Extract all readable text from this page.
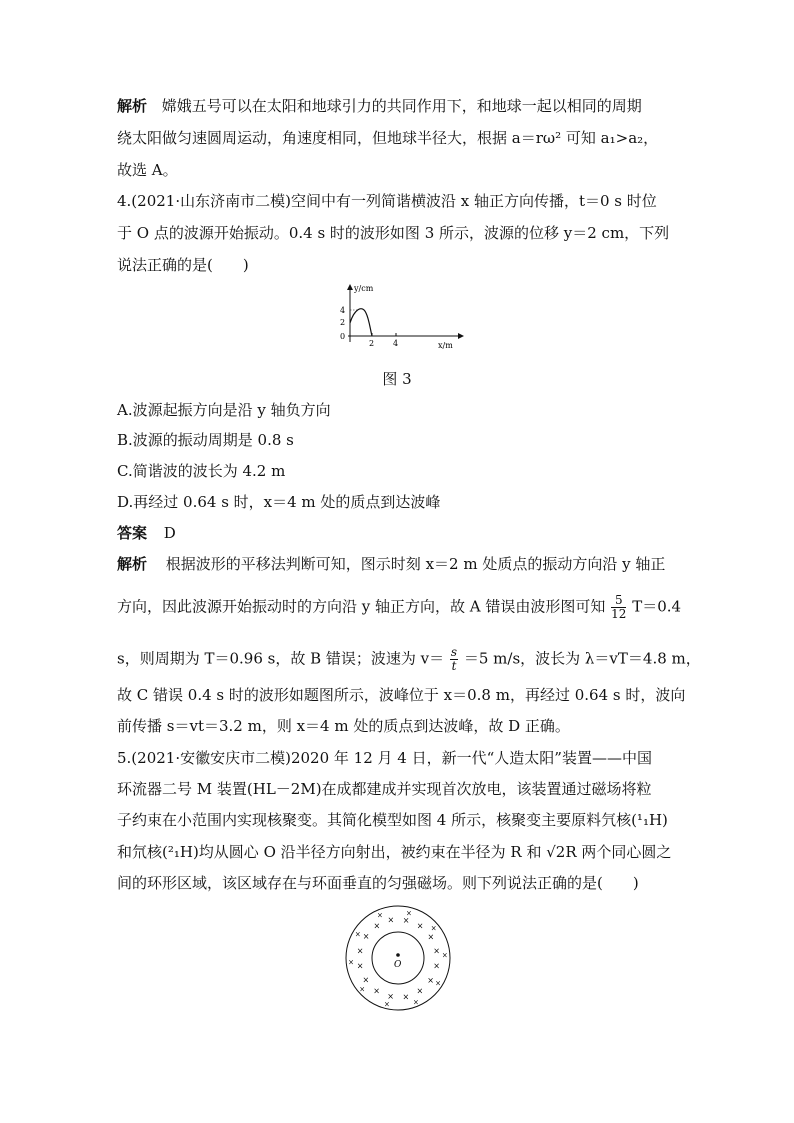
解析 嫦娥五号可以在太阳和地球引力的共同作用下，和地球一起以相同的周期
绕太阳做匀速圆周运动，角速度相同，但地球半径大，根据 a＝rω² 可知 a₁>a₂，
故选 A。
4.(2021·山东济南市二模)空间中有一列简谐横波沿 x 轴正方向传播，t＝0 s 时位
于 O 点的波源开始振动。0.4 s 时的波形如图 3 所示，波源的位移 y＝2 cm，下列
说法正确的是(　　)
y/cm
x/m
4
2
0
2 4
图 3
A.波源起振方向是沿 y 轴负方向
B.波源的振动周期是 0.8 s
C.简谐波的波长为 4.2 m
D.再经过 0.64 s 时，x＝4 m 处的质点到达波峰
答案 D
解析 根据波形的平移法判断可知，图示时刻 x＝2 m 处质点的振动方向沿 y 轴正
方向，因此波源开始振动时的方向沿 y 轴正方向，故 A 错误由波形图可知 $\frac{5}{12} T=0.4$
s，则周期为 T＝0.96 s，故 B 错误；波速为 $v= \frac{s}{t} =5$ m/s，波长为 λ＝vT＝4.8 m，
故 C 错误 0.4 s 时的波形如题图所示，波峰位于 x＝0.8 m，再经过 0.64 s 时，波向
前传播 s＝vt＝3.2 m，则 x＝4 m 处的质点到达波峰，故 D 正确。
5.(2021·安徽安庆市二模)2020 年 12 月 4 日，新一代“人造太阳”装置——中国
环流器二号 M 装置(HL－2M)在成都建成并实现首次放电，该装置通过磁场将粒
子约束在小范围内实现核聚变。其简化模型如图 4 所示，核聚变主要原料氕核(¹₁H)
和氘核(²₁H)均从圆心 O 沿半径方向射出，被约束在半径为 R 和 √2R 两个同心圆之
间的环形区域，该区域存在与环面垂直的匀强磁场。则下列说法正确的是(　　)
O	×
×
×
×
×
×
×
×
×
×
×
× ×
×
×
×
×
×
×
×
×
×
×	×
×
×
